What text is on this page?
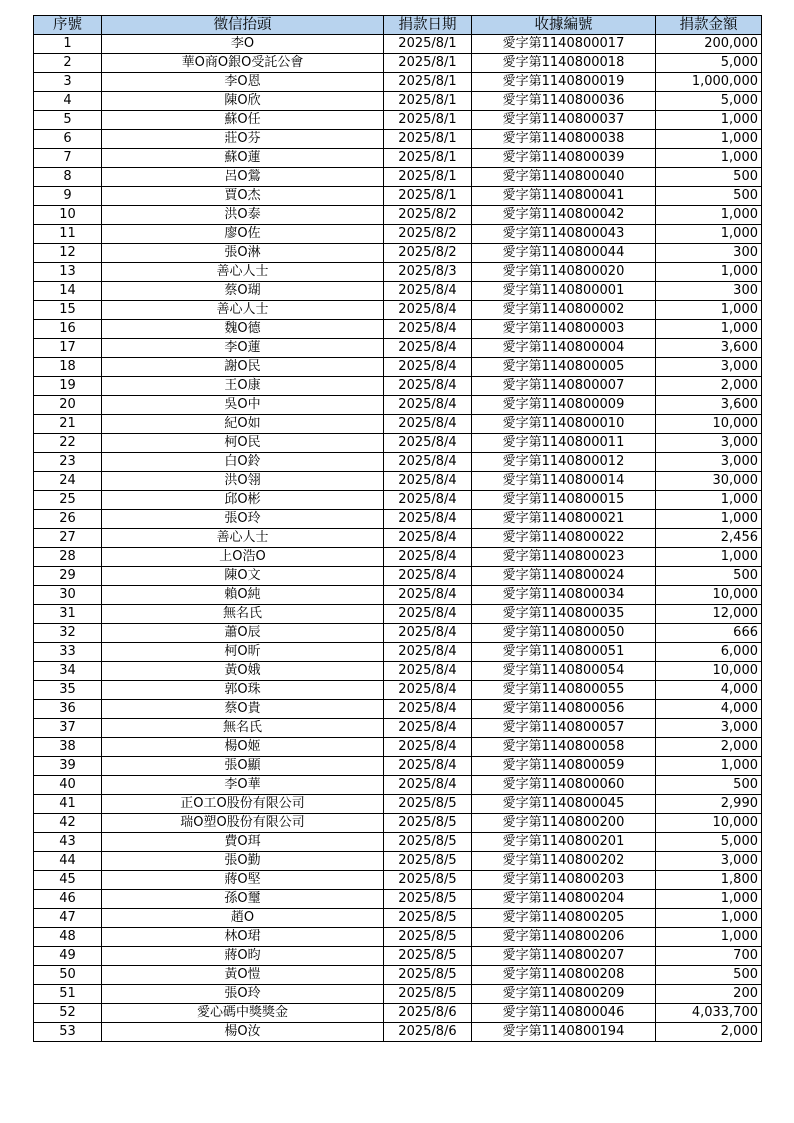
序號	徵信抬頭	捐款日期	收據編號	捐款金額
1	李O	2025/8/1	愛字第1140800017	200,000
2	華O商O銀O受託公會	2025/8/1	愛字第1140800018	5,000
3	李O恩	2025/8/1	愛字第1140800019	1,000,000
4	陳O欣	2025/8/1	愛字第1140800036	5,000
5	蘇O任	2025/8/1	愛字第1140800037	1,000
6	莊O芬	2025/8/1	愛字第1140800038	1,000
7	蘇O蓮	2025/8/1	愛字第1140800039	1,000
8	呂O鶯	2025/8/1	愛字第1140800040	500
9	賈O杰	2025/8/1	愛字第1140800041	500
10	洪O泰	2025/8/2	愛字第1140800042	1,000
11	廖O佐	2025/8/2	愛字第1140800043	1,000
12	張O淋	2025/8/2	愛字第1140800044	300
13	善心人士	2025/8/3	愛字第1140800020	1,000
14	蔡O瑚	2025/8/4	愛字第1140800001	300
15	善心人士	2025/8/4	愛字第1140800002	1,000
16	魏O德	2025/8/4	愛字第1140800003	1,000
17	李O蓮	2025/8/4	愛字第1140800004	3,600
18	謝O民	2025/8/4	愛字第1140800005	3,000
19	王O康	2025/8/4	愛字第1140800007	2,000
20	吳O中	2025/8/4	愛字第1140800009	3,600
21	紀O如	2025/8/4	愛字第1140800010	10,000
22	柯O民	2025/8/4	愛字第1140800011	3,000
23	白O鈴	2025/8/4	愛字第1140800012	3,000
24	洪O翎	2025/8/4	愛字第1140800014	30,000
25	邱O彬	2025/8/4	愛字第1140800015	1,000
26	張O玲	2025/8/4	愛字第1140800021	1,000
27	善心人士	2025/8/4	愛字第1140800022	2,456
28	上O浩O	2025/8/4	愛字第1140800023	1,000
29	陳O文	2025/8/4	愛字第1140800024	500
30	賴O純	2025/8/4	愛字第1140800034	10,000
31	無名氏	2025/8/4	愛字第1140800035	12,000
32	蕭O辰	2025/8/4	愛字第1140800050	666
33	柯O昕	2025/8/4	愛字第1140800051	6,000
34	黃O娥	2025/8/4	愛字第1140800054	10,000
35	郭O珠	2025/8/4	愛字第1140800055	4,000
36	蔡O貴	2025/8/4	愛字第1140800056	4,000
37	無名氏	2025/8/4	愛字第1140800057	3,000
38	楊O姬	2025/8/4	愛字第1140800058	2,000
39	張O顯	2025/8/4	愛字第1140800059	1,000
40	李O華	2025/8/4	愛字第1140800060	500
41	正O工O股份有限公司	2025/8/5	愛字第1140800045	2,990
42	瑞O塑O股份有限公司	2025/8/5	愛字第1140800200	10,000
43	費O珥	2025/8/5	愛字第1140800201	5,000
44	張O勤	2025/8/5	愛字第1140800202	3,000
45	蔣O堅	2025/8/5	愛字第1140800203	1,800
46	孫O璽	2025/8/5	愛字第1140800204	1,000
47	趙O	2025/8/5	愛字第1140800205	1,000
48	林O珺	2025/8/5	愛字第1140800206	1,000
49	蔣O昀	2025/8/5	愛字第1140800207	700
50	黃O愷	2025/8/5	愛字第1140800208	500
51	張O玲	2025/8/5	愛字第1140800209	200
52	愛心碼中獎獎金	2025/8/6	愛字第1140800046	4,033,700
53	楊O汝	2025/8/6	愛字第1140800194	2,000
